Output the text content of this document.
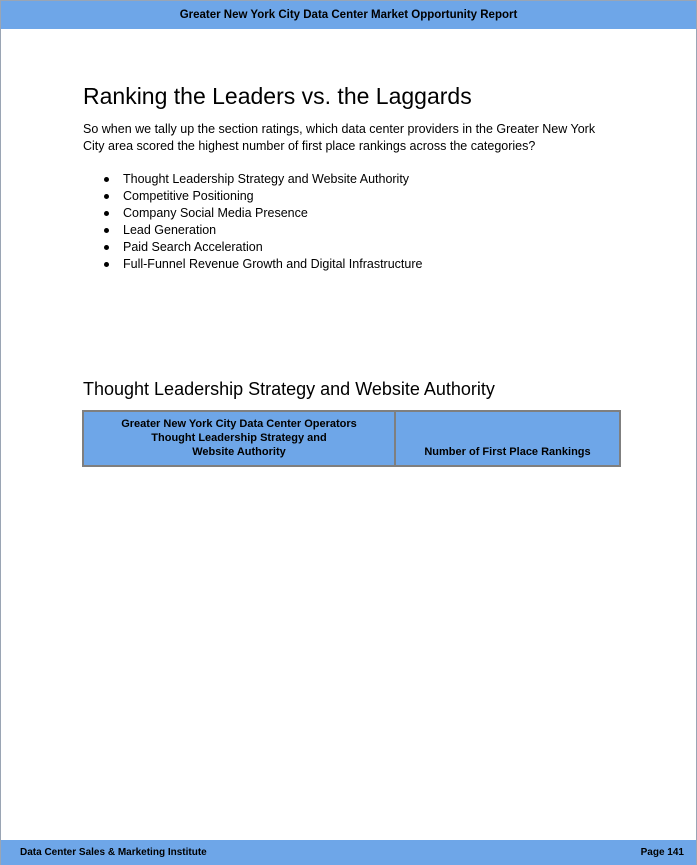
Greater New York City Data Center Market Opportunity Report
Ranking the Leaders vs. the Laggards

So when we tally up the section ratings, which data center providers in the Greater New York City area scored the highest number of first place rankings across the categories?

Thought Leadership Strategy and Website Authority
Competitive Positioning
Company Social Media Presence
Lead Generation
Paid Search Acceleration
Full-Funnel Revenue Growth and Digital Infrastructure
Thought Leadership Strategy and Website Authority
Greater New York City Data Center Operators
Thought Leadership Strategy and
Website Authority	Number of First Place Rankings
Data Center Sales & Marketing Institute	Page 141
